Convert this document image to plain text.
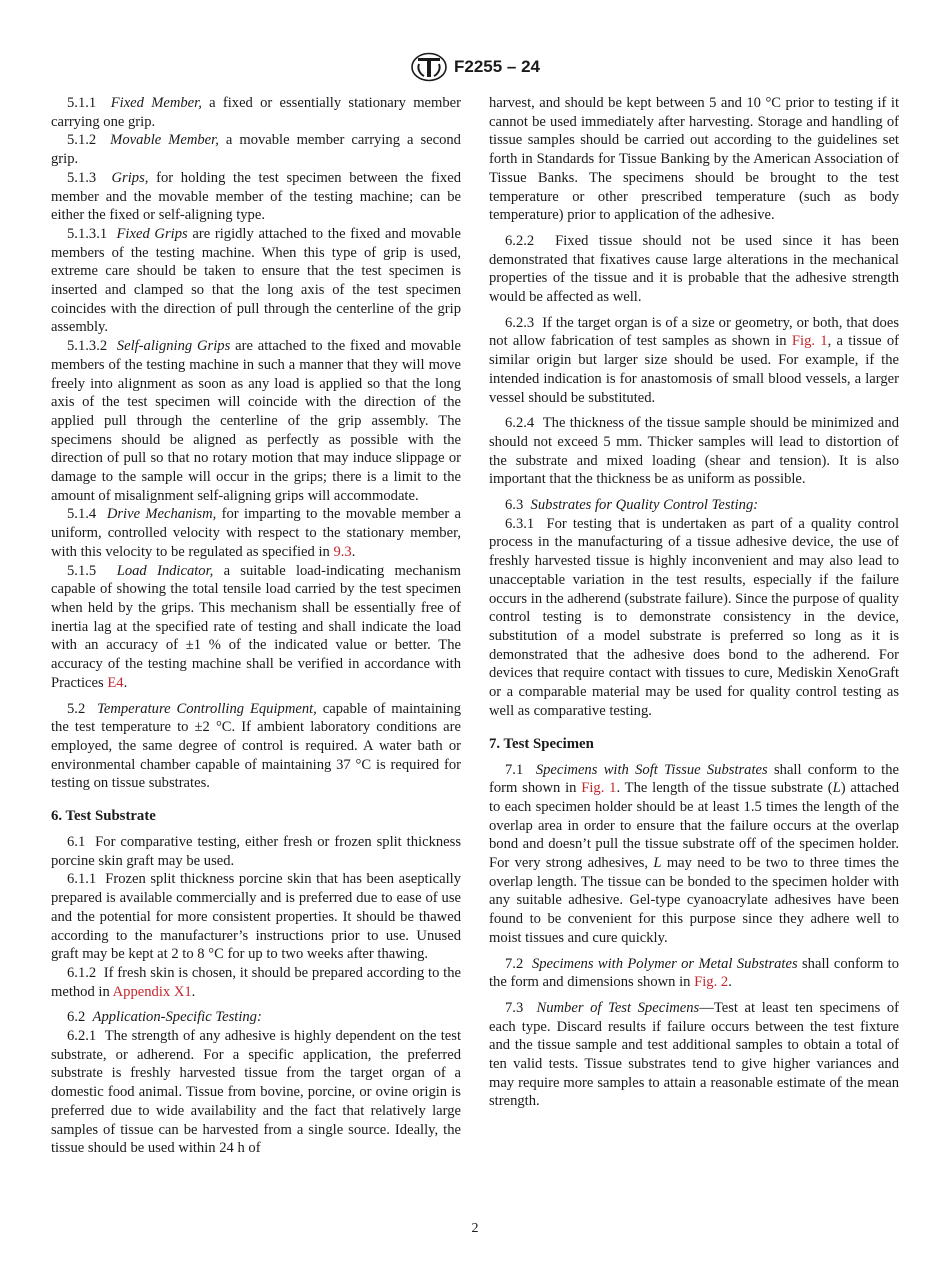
F2255 – 24

5.1.1 Fixed Member, a fixed or essentially stationary member carrying one grip.

5.1.2 Movable Member, a movable member carrying a second grip.

5.1.3 Grips, for holding the test specimen between the fixed member and the movable member of the testing machine; can be either the fixed or self-aligning type.

5.1.3.1 Fixed Grips are rigidly attached to the fixed and movable members of the testing machine. When this type of grip is used, extreme care should be taken to ensure that the test specimen is inserted and clamped so that the long axis of the test specimen coincides with the direction of pull through the centerline of the grip assembly.

5.1.3.2 Self-aligning Grips are attached to the fixed and movable members of the testing machine in such a manner that they will move freely into alignment as soon as any load is applied so that the long axis of the test specimen will coincide with the direction of the applied pull through the centerline of the grip assembly. The specimens should be aligned as perfectly as possible with the direction of pull so that no rotary motion that may induce slippage or damage to the sample will occur in the grips; there is a limit to the amount of misalignment self-aligning grips will accommodate.

5.1.4 Drive Mechanism, for imparting to the movable member a uniform, controlled velocity with respect to the stationary member, with this velocity to be regulated as specified in 9.3.

5.1.5 Load Indicator, a suitable load-indicating mechanism capable of showing the total tensile load carried by the test specimen when held by the grips. This mechanism shall be essentially free of inertia lag at the specified rate of testing and shall indicate the load with an accuracy of ±1 % of the indicated value or better. The accuracy of the testing machine shall be verified in accordance with Practices E4.

5.2 Temperature Controlling Equipment, capable of maintaining the test temperature to ±2 °C. If ambient laboratory conditions are employed, the same degree of control is required. A water bath or environmental chamber capable of maintaining 37 °C is required for testing on tissue substrates.

6. Test Substrate

6.1 For comparative testing, either fresh or frozen split thickness porcine skin graft may be used.

6.1.1 Frozen split thickness porcine skin that has been aseptically prepared is available commercially and is preferred due to ease of use and the potential for more consistent properties. It should be thawed according to the manufacturer’s instructions prior to use. Unused graft may be kept at 2 to 8 °C for up to two weeks after thawing.

6.1.2 If fresh skin is chosen, it should be prepared according to the method in Appendix X1.

6.2 Application-Specific Testing:

6.2.1 The strength of any adhesive is highly dependent on the test substrate, or adherend. For a specific application, the preferred substrate is freshly harvested tissue from the target organ of a domestic food animal. Tissue from bovine, porcine, or ovine origin is preferred due to wide availability and the fact that relatively large samples of tissue can be harvested from a single source. Ideally, the tissue should be used within 24 h of

harvest, and should be kept between 5 and 10 °C prior to testing if it cannot be used immediately after harvesting. Storage and handling of tissue samples should be carried out according to the guidelines set forth in Standards for Tissue Banking by the American Association of Tissue Banks. The specimens should be brought to the test temperature or other prescribed temperature (such as body temperature) prior to application of the adhesive.

6.2.2 Fixed tissue should not be used since it has been demonstrated that fixatives cause large alterations in the mechanical properties of the tissue and it is probable that the adhesive strength would be affected as well.

6.2.3 If the target organ is of a size or geometry, or both, that does not allow fabrication of test samples as shown in Fig. 1, a tissue of similar origin but larger size should be used. For example, if the intended indication is for anastomosis of small blood vessels, a larger vessel should be substituted.

6.2.4 The thickness of the tissue sample should be minimized and should not exceed 5 mm. Thicker samples will lead to distortion of the substrate and mixed loading (shear and tension). It is also important that the thickness be as uniform as possible.

6.3 Substrates for Quality Control Testing:

6.3.1 For testing that is undertaken as part of a quality control process in the manufacturing of a tissue adhesive device, the use of freshly harvested tissue is highly inconvenient and may also lead to unacceptable variation in the test results, especially if the failure occurs in the adherend (substrate failure). Since the purpose of quality control testing is to demonstrate consistency in the device, substitution of a model substrate is preferred so long as it is demonstrated that the adhesive does bond to the adherend. For devices that require contact with tissues to cure, Mediskin XenoGraft or a comparable material may be used for quality control testing as well as comparative testing.

7. Test Specimen

7.1 Specimens with Soft Tissue Substrates shall conform to the form shown in Fig. 1. The length of the tissue substrate (L) attached to each specimen holder should be at least 1.5 times the length of the overlap area in order to ensure that the failure occurs at the overlap bond and doesn’t pull the tissue substrate off of the specimen holder. For very strong adhesives, L may need to be two to three times the overlap length. The tissue can be bonded to the specimen holder with any suitable adhesive. Gel-type cyanoacrylate adhesives have been found to be convenient for this purpose since they adhere well to moist tissues and cure quickly.

7.2 Specimens with Polymer or Metal Substrates shall conform to the form and dimensions shown in Fig. 2.

7.3 Number of Test Specimens—Test at least ten specimens of each type. Discard results if failure occurs between the test fixture and the tissue sample and test additional samples to obtain a total of ten valid tests. Tissue substrates tend to give higher variances and may require more samples to attain a reasonable estimate of the mean strength.

2
